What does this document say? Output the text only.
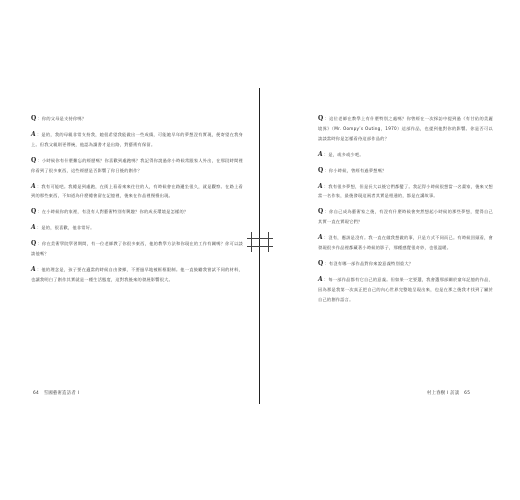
Q：你的父母是支持你嗎？

A：是的，我的母親非常支持我，她很希望我能做出一些成績，可能她早年的夢想沒有實現，便寄望在我身上。但我父親則更傳統，他認為讀書才是出路，對藝術有保留。

Q：小時候你有什麼難忘的經歷嗎？你喜歡到處跑嗎？我記得你說過你小時候常跟家人外出，在那段時間裡你看到了很多東西，這些經歷是否影響了你日後的創作？

A：我有可能吧。我總是到處跑，在街上看看來來往往的人，有時候會在路邊坐很久，就是觀察。在路上看到的那些東西，不知道為什麼總會留在記憶裡，後來在作品裡慢慢出現。

Q：在小時候你的家裡，有沒有人對藝術特別有興趣？你的成長環境是怎樣的？

A：是的，很喜歡，他非常好。

Q：你在美術學院學習期間，有一位老師教了你很多東西，他的教學方法和你現在的工作有關嗎？你可以談談他嗎？

A：他的理念是，孩子要在適當的時候自由發揮，不要過早地被框框限制。他一直鼓勵我嘗試不同的材料，也讓我明白了創作其實就是一種生活態度，這對我後來的發展影響很大。

64 雪國藝術造訪者 I

Q：這位老師在教學上有什麼特別之處嗎？你曾經在一次採訪中提到過《有甘佑的美麗境界》（Mr. Oompy’s Outing，1970）這部作品，也提到他對你的影響。你是否可以談談當時你是怎樣看待這部作品的？

A：是，或多或少吧。

Q：你小時候，曾經有過夢想嗎？

A：我有很多夢想，但是長大以後它們都變了。我記得小時候很想當一名畫家，後來又想當一名作家，最後發現這兩者其實是相通的，都是在講故事。

Q：你自己成為藝術家之後，有沒有什麼時候會突然想起小時候的那些夢想，覺得自己其實一直在實現它們？

A：沒有，應該是沒有。我一直在做我想做的事，只是方式不同而已。有時候回頭看，會發現很多作品裡都藏著小時候的影子，那種感覺很奇妙，也很溫暖。

Q：有沒有哪一部作品對你來說意義特別重大？

A：每一部作品都有它自己的意義。但如果一定要選，我會選那部關於童年記憶的作品，因為那是我第一次真正把自己的內心世界完整地呈現出來，也是在那之後我才找到了屬於自己的創作語言。

村上春樹 I 訪談 65
